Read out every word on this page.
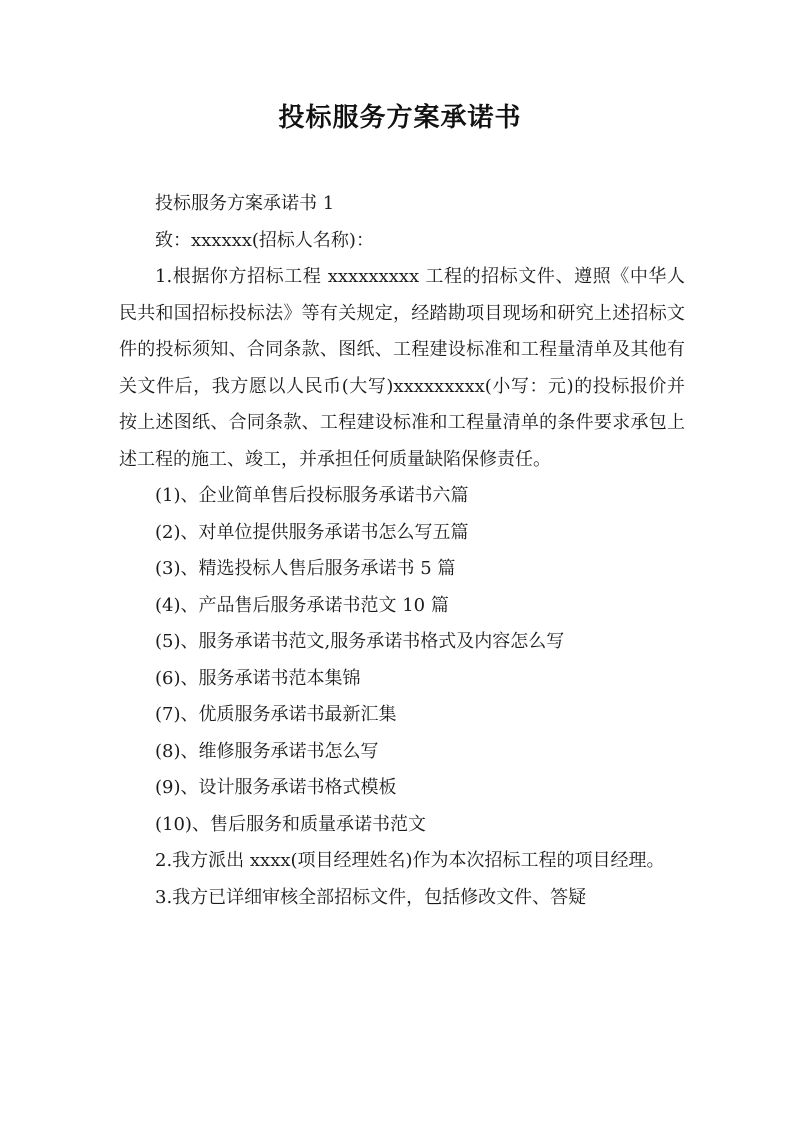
投标服务方案承诺书

投标服务方案承诺书 1

致：xxxxxx(招标人名称)：

1.根据你方招标工程 xxxxxxxxx 工程的招标文件、遵照《中华人民共和国招标投标法》等有关规定，经踏勘项目现场和研究上述招标文件的投标须知、合同条款、图纸、工程建设标准和工程量清单及其他有关文件后，我方愿以人民币(大写)xxxxxxxxx(小写：元)的投标报价并按上述图纸、合同条款、工程建设标准和工程量清单的条件要求承包上述工程的施工、竣工，并承担任何质量缺陷保修责任。

(1)、企业简单售后投标服务承诺书六篇
(2)、对单位提供服务承诺书怎么写五篇
(3)、精选投标人售后服务承诺书 5 篇
(4)、产品售后服务承诺书范文 10 篇
(5)、服务承诺书范文,服务承诺书格式及内容怎么写
(6)、服务承诺书范本集锦
(7)、优质服务承诺书最新汇集
(8)、维修服务承诺书怎么写
(9)、设计服务承诺书格式模板
(10)、售后服务和质量承诺书范文

2.我方派出 xxxx(项目经理姓名)作为本次招标工程的项目经理。

3.我方已详细审核全部招标文件，包括修改文件、答疑
